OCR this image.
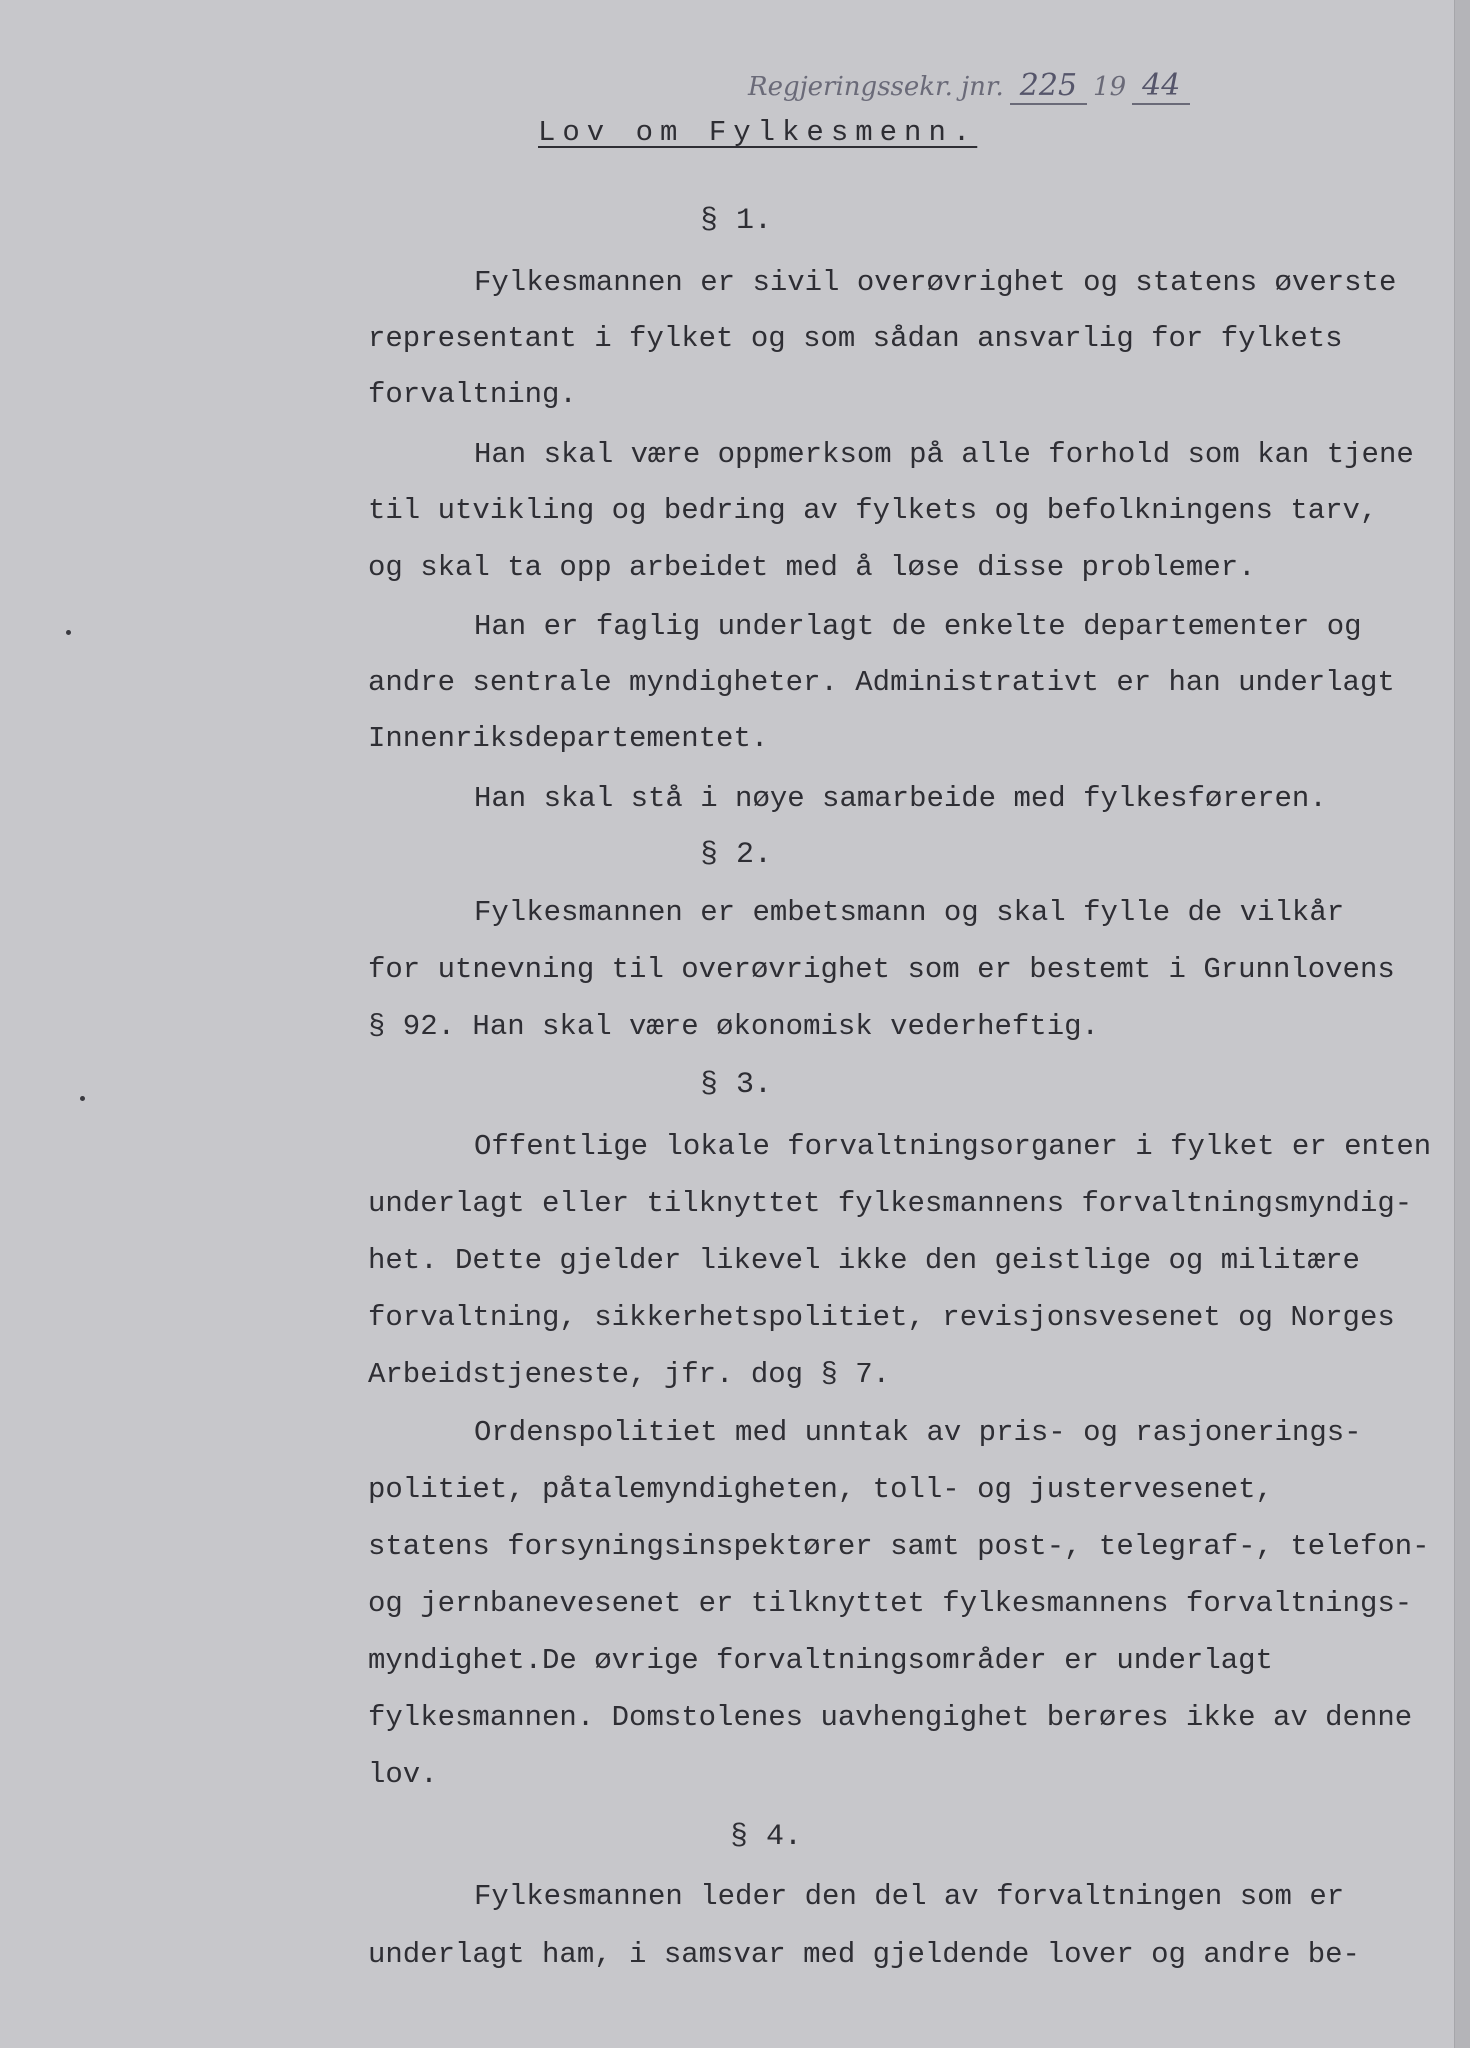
Regjeringssekr. jnr. 225 19 44
Lov om Fylkesmenn.
§ 1.
Fylkesmannen er sivil overøvrighet og statens øverste
representant i fylket og som sådan ansvarlig for fylkets
forvaltning.
Han skal være oppmerksom på alle forhold som kan tjene
til utvikling og bedring av fylkets og befolkningens tarv,
og skal ta opp arbeidet med å løse disse problemer.
Han er faglig underlagt de enkelte departementer og
andre sentrale myndigheter. Administrativt er han underlagt
Innenriksdepartementet.
Han skal stå i nøye samarbeide med fylkesføreren.
§ 2.
Fylkesmannen er embetsmann og skal fylle de vilkår
for utnevning til overøvrighet som er bestemt i Grunnlovens
§ 92. Han skal være økonomisk vederheftig.
§ 3.
Offentlige lokale forvaltningsorganer i fylket er enten
underlagt eller tilknyttet fylkesmannens forvaltningsmyndig-
het. Dette gjelder likevel ikke den geistlige og militære
forvaltning, sikkerhetspolitiet, revisjonsvesenet og Norges
Arbeidstjeneste, jfr. dog § 7.
Ordenspolitiet med unntak av pris- og rasjonerings-
politiet, påtalemyndigheten, toll- og justervesenet,
statens forsyningsinspektører samt post-, telegraf-, telefon-
og jernbanevesenet er tilknyttet fylkesmannens forvaltnings-
myndighet.De øvrige forvaltningsområder er underlagt
fylkesmannen. Domstolenes uavhengighet berøres ikke av denne
lov.
§ 4.
Fylkesmannen leder den del av forvaltningen som er
underlagt ham, i samsvar med gjeldende lover og andre be-
